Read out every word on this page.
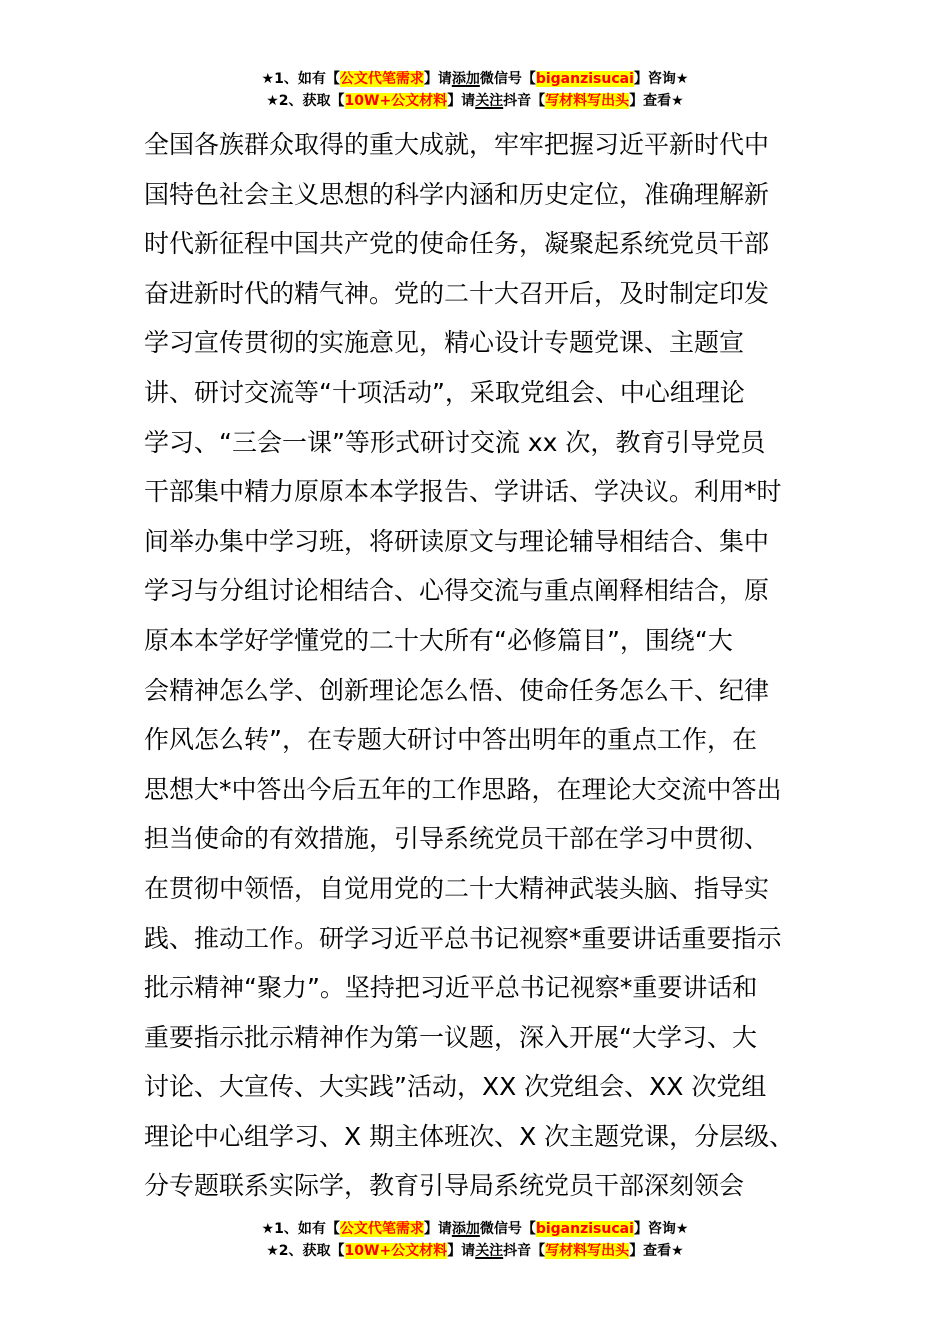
★1、如有【公文代笔需求】请添加微信号【biganzisucai】咨询★
★2、获取【10W+公文材料】请关注抖音【写材料写出头】查看★
全国各族群众取得的重大成就，牢牢把握习近平新时代中
国特色社会主义思想的科学内涵和历史定位，准确理解新
时代新征程中国共产党的使命任务，凝聚起系统党员干部
奋进新时代的精气神。党的二十大召开后，及时制定印发
学习宣传贯彻的实施意见，精心设计专题党课、主题宣
讲、研讨交流等“十项活动”，采取党组会、中心组理论
学习、“三会一课”等形式研讨交流 xx 次，教育引导党员
干部集中精力原原本本学报告、学讲话、学决议。利用*时
间举办集中学习班，将研读原文与理论辅导相结合、集中
学习与分组讨论相结合、心得交流与重点阐释相结合，原
原本本学好学懂党的二十大所有“必修篇目”，围绕“大
会精神怎么学、创新理论怎么悟、使命任务怎么干、纪律
作风怎么转”，在专题大研讨中答出明年的重点工作，在
思想大*中答出今后五年的工作思路，在理论大交流中答出
担当使命的有效措施，引导系统党员干部在学习中贯彻、
在贯彻中领悟，自觉用党的二十大精神武装头脑、指导实
践、推动工作。研学习近平总书记视察*重要讲话重要指示
批示精神“聚力”。坚持把习近平总书记视察*重要讲话和
重要指示批示精神作为第一议题，深入开展“大学习、大
讨论、大宣传、大实践”活动，XX 次党组会、XX 次党组
理论中心组学习、X 期主体班次、X 次主题党课，分层级、
分专题联系实际学，教育引导局系统党员干部深刻领会
★1、如有【公文代笔需求】请添加微信号【biganzisucai】咨询★
★2、获取【10W+公文材料】请关注抖音【写材料写出头】查看★
